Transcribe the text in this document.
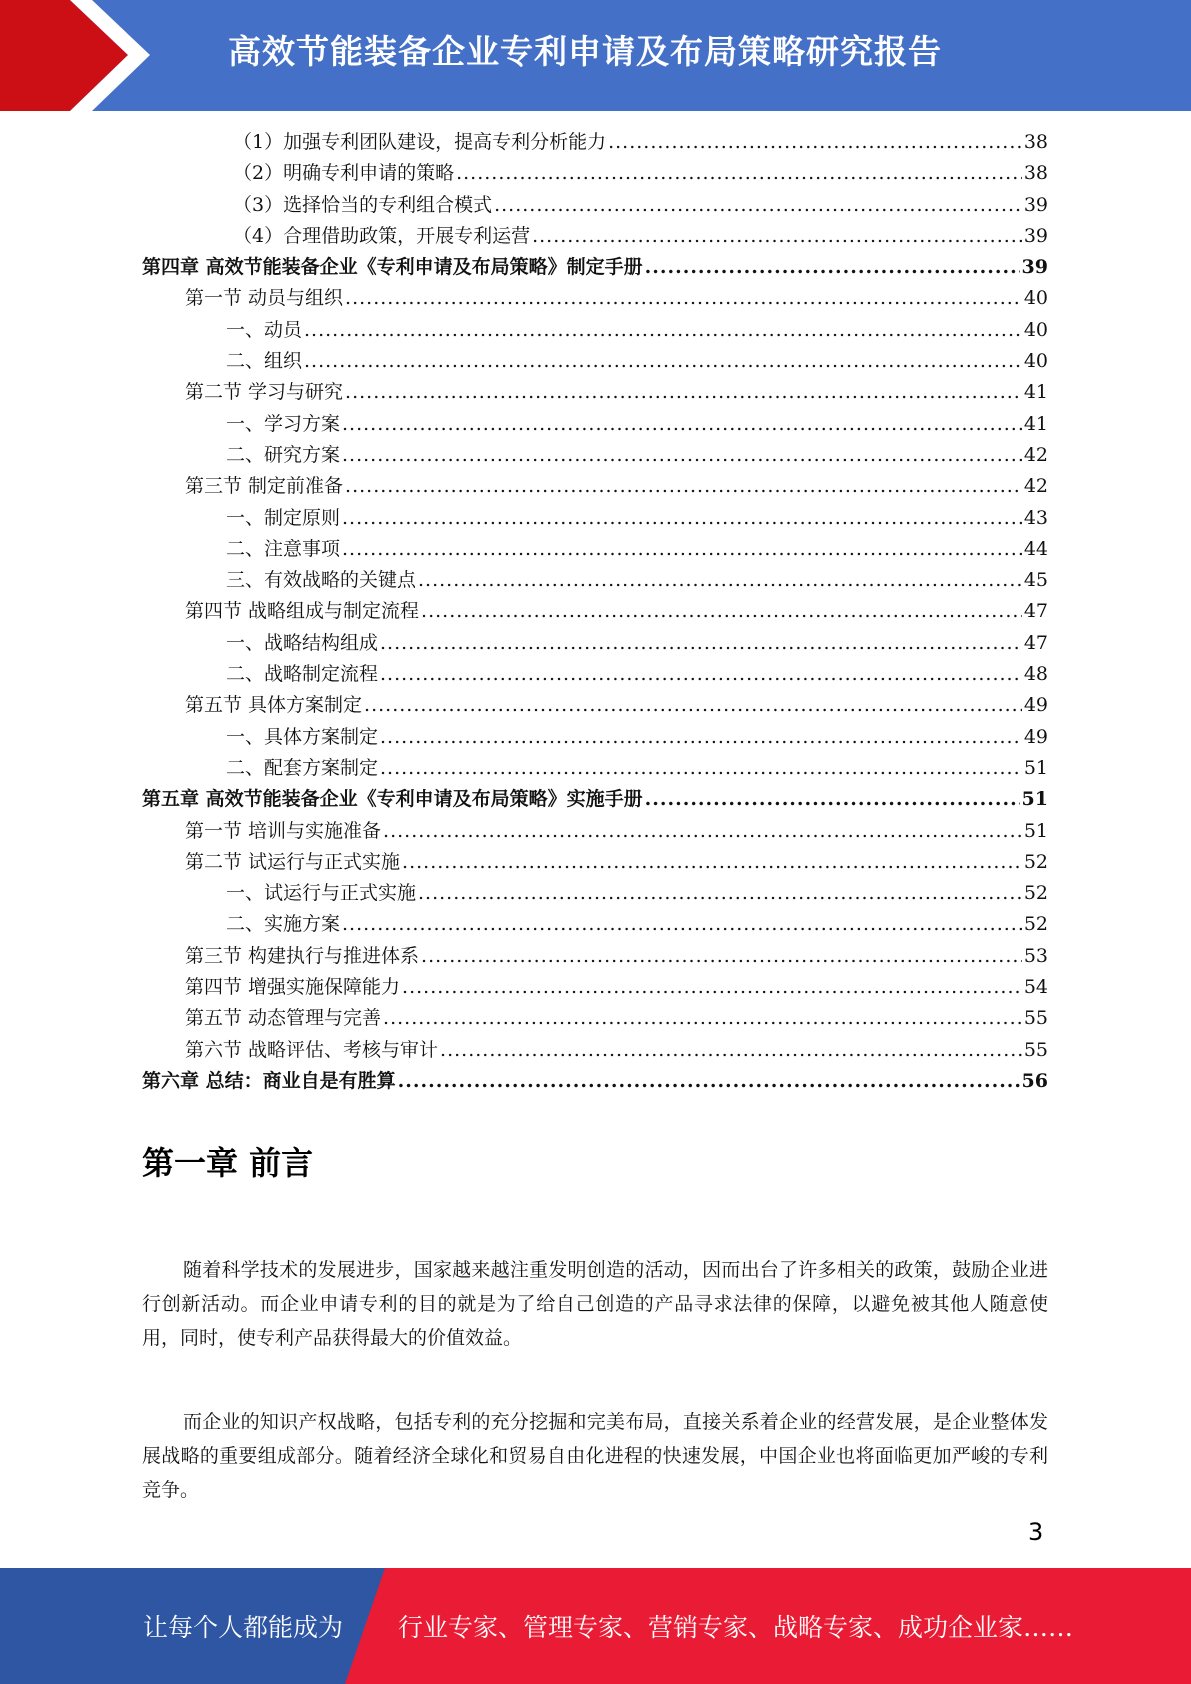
高效节能装备企业专利申请及布局策略研究报告
（1）加强专利团队建设，提高专利分析能力 .....	38
（2）明确专利申请的策略 .....	38
（3）选择恰当的专利组合模式 .....	39
（4）合理借助政策，开展专利运营 .....	39
第四章 高效节能装备企业《专利申请及布局策略》制定手册 .....	39
第一节 动员与组织 .....	40
一、动员 .....	40
二、组织 .....	40
第二节 学习与研究 .....	41
一、学习方案 .....	41
二、研究方案 .....	42
第三节 制定前准备 .....	42
一、制定原则 .....	43
二、注意事项 .....	44
三、有效战略的关键点 .....	45
第四节 战略组成与制定流程 .....	47
一、战略结构组成 .....	47
二、战略制定流程 .....	48
第五节 具体方案制定 .....	49
一、具体方案制定 .....	49
二、配套方案制定 .....	51
第五章 高效节能装备企业《专利申请及布局策略》实施手册 .....	51
第一节 培训与实施准备 .....	51
第二节 试运行与正式实施 .....	52
一、试运行与正式实施 .....	52
二、实施方案 .....	52
第三节 构建执行与推进体系 .....	53
第四节 增强实施保障能力 .....	54
第五节 动态管理与完善 .....	55
第六节 战略评估、考核与审计 .....	55
第六章 总结：商业自是有胜算 .....	56
第一章 前言

随着科学技术的发展进步，国家越来越注重发明创造的活动，因而出台了许多相关的政策，鼓励企业进行创新活动。而企业申请专利的目的就是为了给自己创造的产品寻求法律的保障，以避免被其他人随意使用，同时，使专利产品获得最大的价值效益。

而企业的知识产权战略，包括专利的充分挖掘和完美布局，直接关系着企业的经营发展，是企业整体发展战略的重要组成部分。随着经济全球化和贸易自由化进程的快速发展，中国企业也将面临更加严峻的专利竞争。

3
让每个人都能成为 行业专家、管理专家、营销专家、战略专家、成功企业家……
